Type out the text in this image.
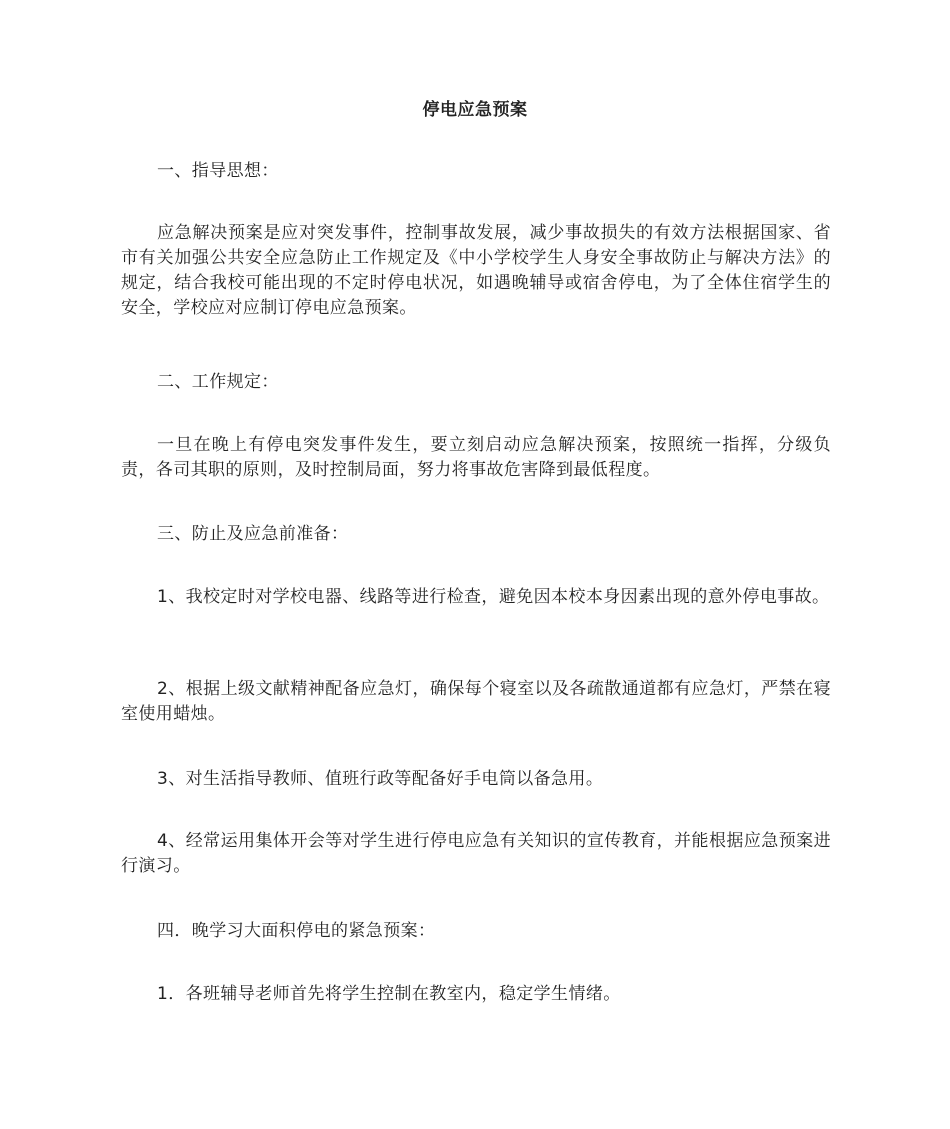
停电应急预案

一、指导思想：

应急解决预案是应对突发事件，控制事故发展，减少事故损失的有效方法根据国家、省市有关加强公共安全应急防止工作规定及《中小学校学生人身安全事故防止与解决方法》的规定，结合我校可能出现的不定时停电状况，如遇晚辅导或宿舍停电，为了全体住宿学生的安全，学校应对应制订停电应急预案。

二、工作规定：

一旦在晚上有停电突发事件发生，要立刻启动应急解决预案，按照统一指挥，分级负责，各司其职的原则，及时控制局面，努力将事故危害降到最低程度。

三、防止及应急前准备：

1、我校定时对学校电器、线路等进行检查，避免因本校本身因素出现的意外停电事故。

2、根据上级文献精神配备应急灯，确保每个寝室以及各疏散通道都有应急灯，严禁在寝室使用蜡烛。

3、对生活指导教师、值班行政等配备好手电筒以备急用。

4、经常运用集体开会等对学生进行停电应急有关知识的宣传教育，并能根据应急预案进行演习。

四．晚学习大面积停电的紧急预案：

1．各班辅导老师首先将学生控制在教室内，稳定学生情绪。
